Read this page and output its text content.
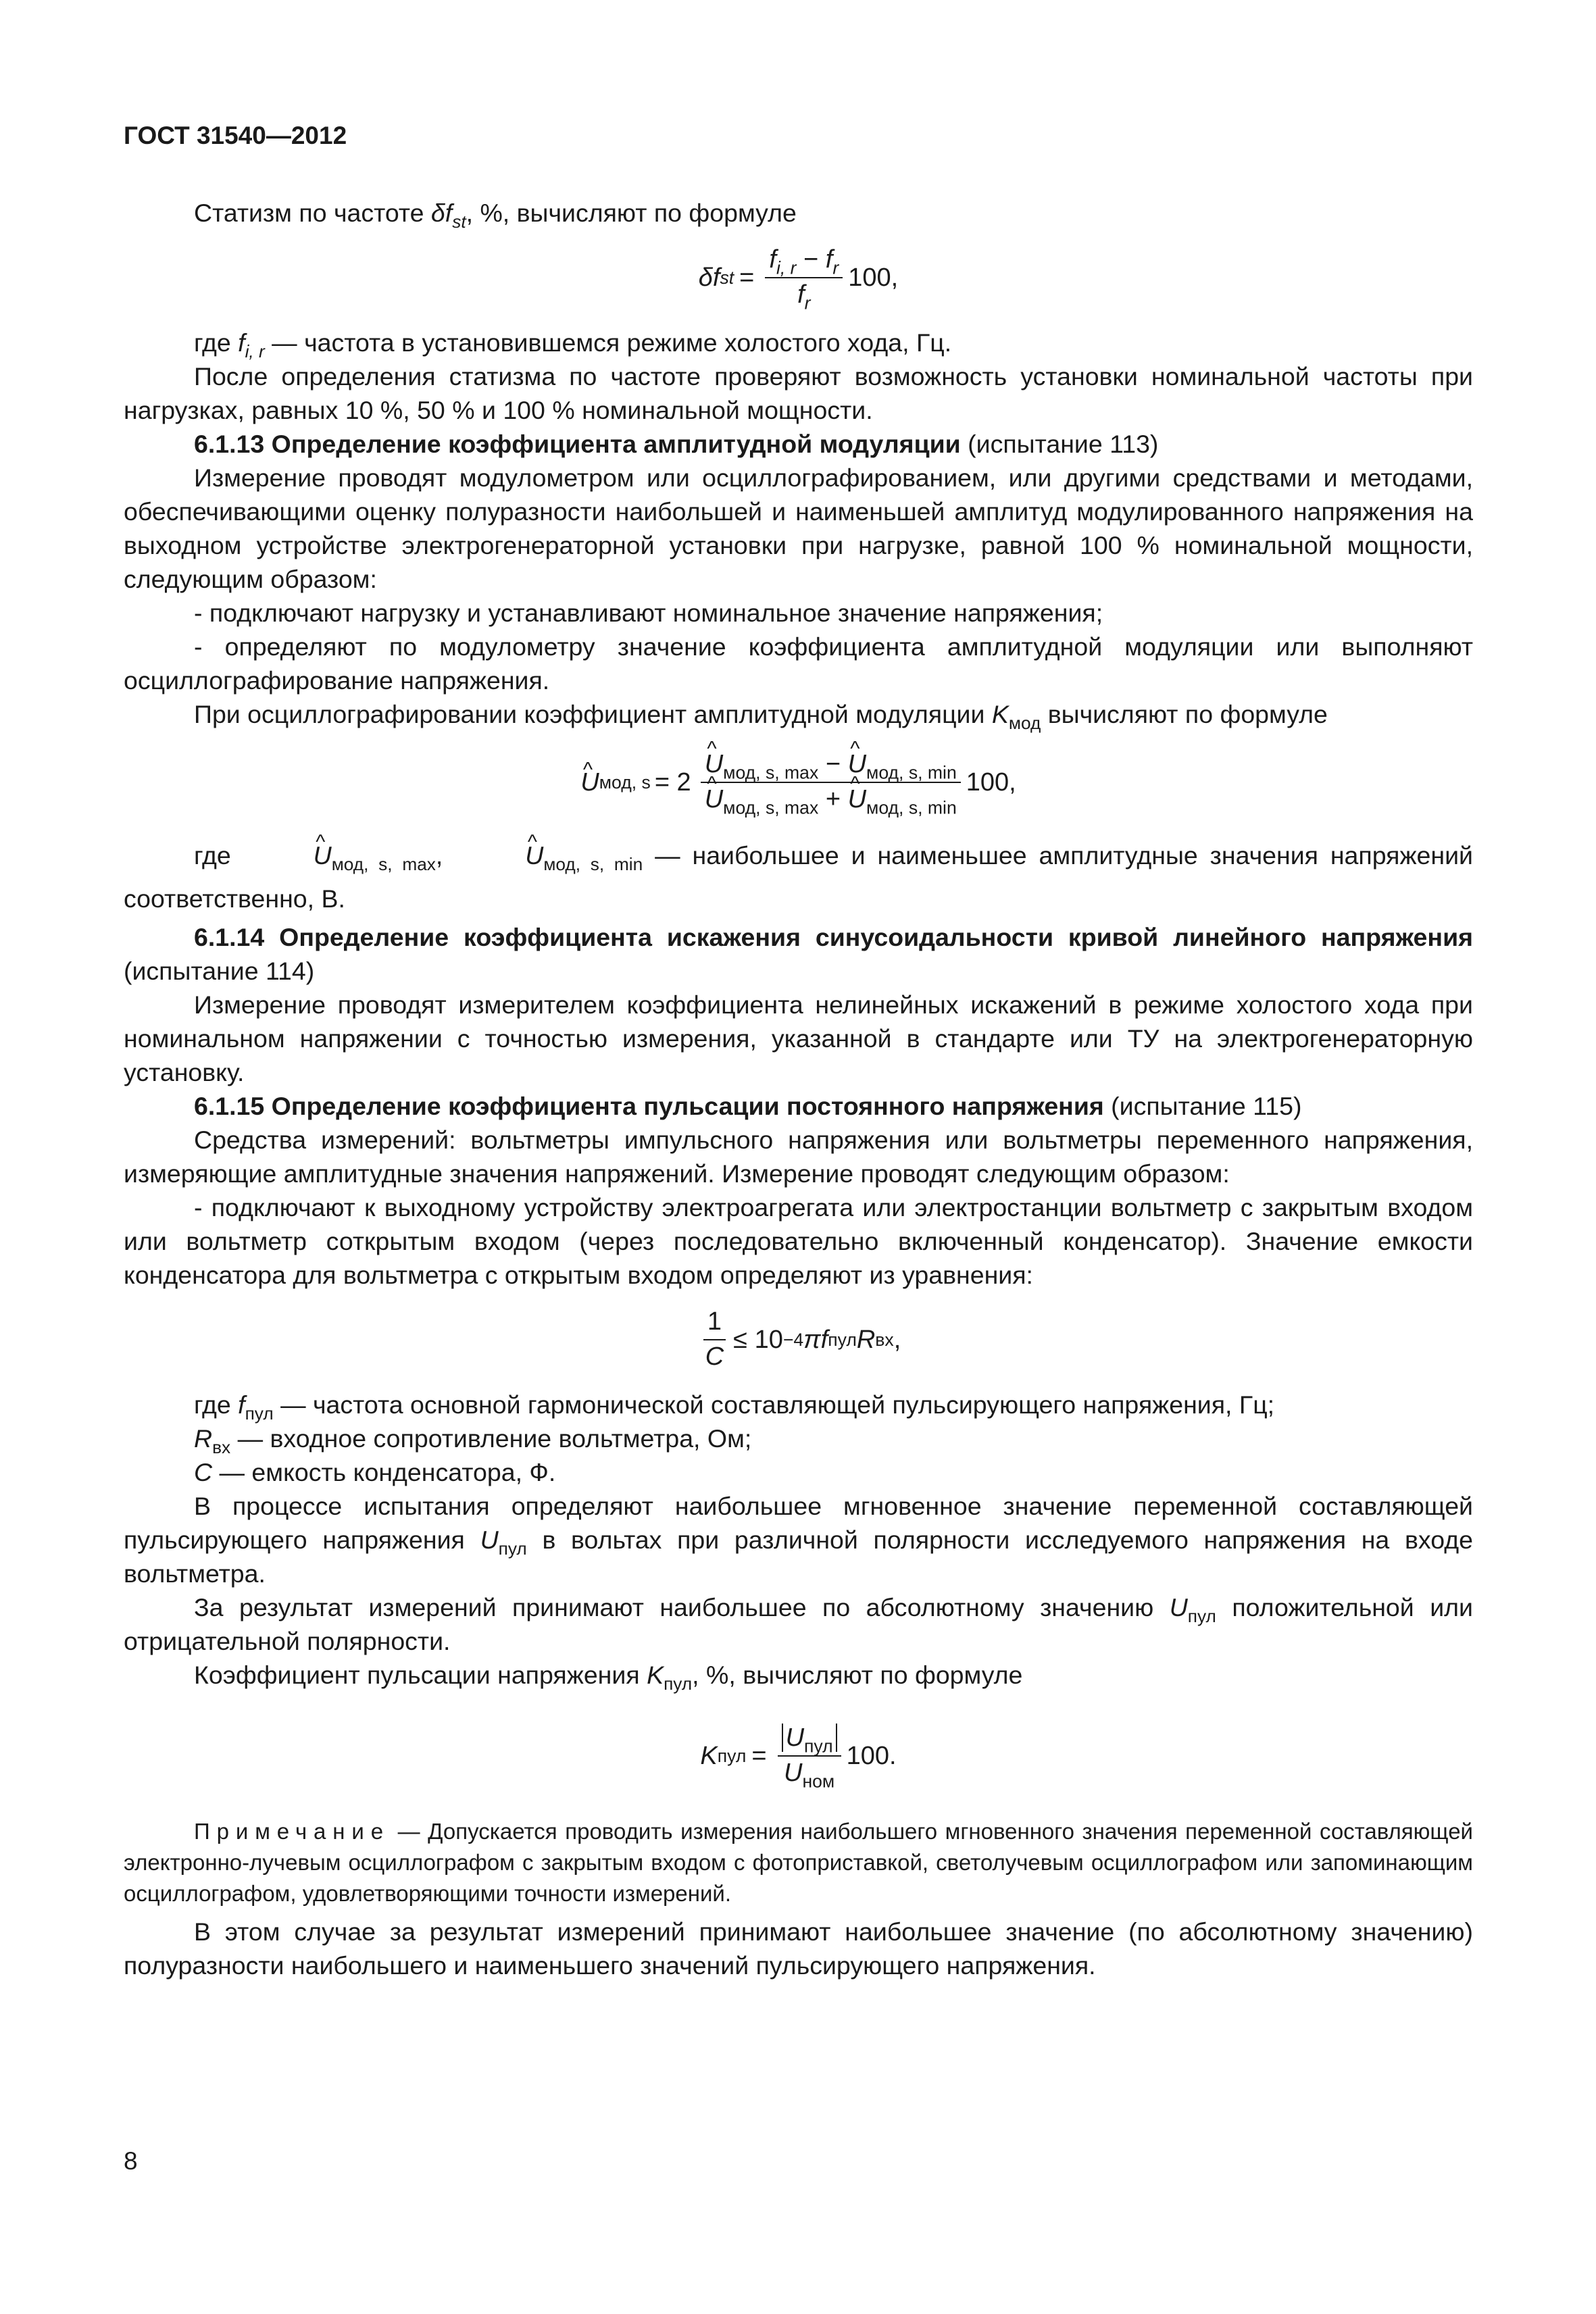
ГОСТ 31540—2012

Статизм по частоте $\delta f_{st}$, %, вычисляют по формуле

δf st = $\frac{f_{i, r} - f_r}{f_r} 100$,

где $f_{i, r}$ — частота в установившемся режиме холостого хода, Гц.

После определения статизма по частоте проверяют возможность установки номинальной частоты при нагрузках, равных 10 %, 50 % и 100 % номинальной мощности.

6.1.13 Определение коэффициента амплитудной модуляции (испытание 113)

Измерение проводят модулометром или осциллографированием, или другими средствами и методами, обеспечивающими оценку полуразности наибольшей и наименьшей амплитуд модулированного напряжения на выходном устройстве электрогенераторной установки при нагрузке, равной 100 % номинальной мощности, следующим образом:

- подключают нагрузку и устанавливают номинальное значение напряжения;

- определяют по модулометру значение коэффициента амплитудной модуляции или выполняют осциллографирование напряжения.

При осциллографировании коэффициент амплитудной модуляции $K_{мод}$ вычисляют по формуле

^ U мод, s = 2 ^ $U_{мод, s, max}$ − ^ $U_{мод, s, min}$
^ $U_{мод, s, max}$ + ^ $U_{мод, s, min}$ 100,

где	^ $U_{мод, s, max}$,	^ $U_{мод, s, min}$ — наибольшее и наименьшее амплитудные значения напряжений соответственно, В.

6.1.14 Определение коэффициента искажения синусоидальности кривой линейного напряжения (испытание 114)

Измерение проводят измерителем коэффициента нелинейных искажений в режиме холостого хода при номинальном напряжении с точностью измерения, указанной в стандарте или ТУ на электрогенераторную установку.

6.1.15 Определение коэффициента пульсации постоянного напряжения (испытание 115)

Средства измерений: вольтметры импульсного напряжения или вольтметры переменного напряжения, измеряющие амплитудные значения напряжений. Измерение проводят следующим образом:

- подключают к выходному устройству электроагрегата или электростанции вольтметр с закрытым входом или вольтметр соткрытым входом (через последовательно включенный конденсатор). Значение емкости конденсатора для вольтметра с открытым входом определяют из уравнения:

$\frac{1}{C} \le 10 -4$ π f пул R вх ,

где $f_{пул}$ — частота основной гармонической составляющей пульсирующего напряжения, Гц;

$R_{вх}$ — входное сопротивление вольтметра, Ом;

C — емкость конденсатора, Ф.

В процессе испытания определяют наибольшее мгновенное значение переменной составляющей пульсирующего напряжения $U_{пул}$ в вольтах при различной полярности исследуемого напряжения на входе вольтметра.

За результат измерений принимают наибольшее по абсолютному значению $U_{пул}$ положительной или отрицательной полярности.

Коэффициент пульсации напряжения $K_{пул}$, %, вычисляют по формуле

K пул = $\frac{U_{пул}}{U_{ном}} 100$.

Примечание — Допускается проводить измерения наибольшего мгновенного значения переменной составляющей электронно-лучевым осциллографом с закрытым входом с фотоприставкой, светолучевым осциллографом или запоминающим осциллографом, удовлетворяющими точности измерений.

В этом случае за результат измерений принимают наибольшее значение (по абсолютному значению) полуразности наибольшего и наименьшего значений пульсирующего напряжения.

8
